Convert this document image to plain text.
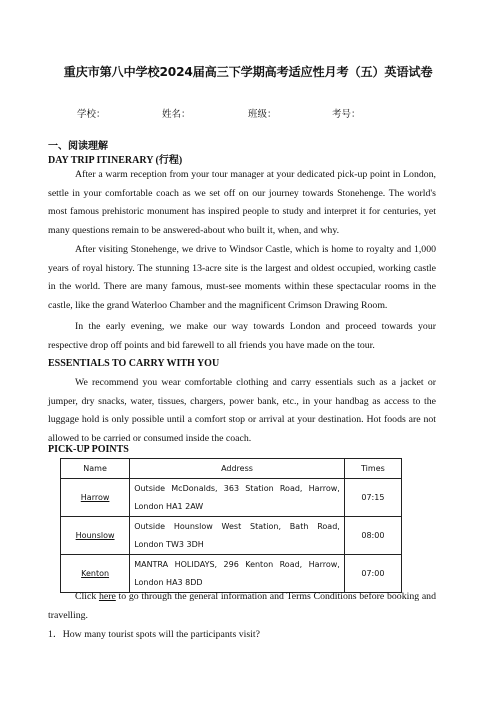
重庆市第八中学校2024届高三下学期高考适应性月考（五）英语试卷
学校：	姓名：	班级：	考号：
一、阅读理解
DAY TRIP ITINERARY (行程)
After a warm reception from your tour manager at your dedicated pick-up point in London, settle in your comfortable coach as we set off on our journey towards Stonehenge. The world's most famous prehistoric monument has inspired people to study and interpret it for centuries, yet many questions remain to be answered-about who built it, when, and why.
After visiting Stonehenge, we drive to Windsor Castle, which is home to royalty and 1,000 years of royal history. The stunning 13-acre site is the largest and oldest occupied, working castle in the world. There are many famous, must-see moments within these spectacular rooms in the castle, like the grand Waterloo Chamber and the magnificent Crimson Drawing Room.
In the early evening, we make our way towards London and proceed towards your respective drop off points and bid farewell to all friends you have made on the tour.
ESSENTIALS TO CARRY WITH YOU
We recommend you wear comfortable clothing and carry essentials such as a jacket or jumper, dry snacks, water, tissues, chargers, power bank, etc., in your handbag as access to the luggage hold is only possible until a comfort stop or arrival at your destination. Hot foods are not allowed to be carried or consumed inside the coach.
PICK-UP POINTS
Name	Address	Times
Harrow	Outside McDonalds, 363 Station Road, Harrow, London HA1 2AW	07:15
Hounslow	Outside Hounslow West Station, Bath Road, London TW3 3DH	08:00
Kenton	MANTRA HOLIDAYS, 296 Kenton Road, Harrow, London HA3 8DD	07:00
Click here to go through the general information and Terms Conditions before booking and travelling.
1．How many tourist spots will the participants visit?
